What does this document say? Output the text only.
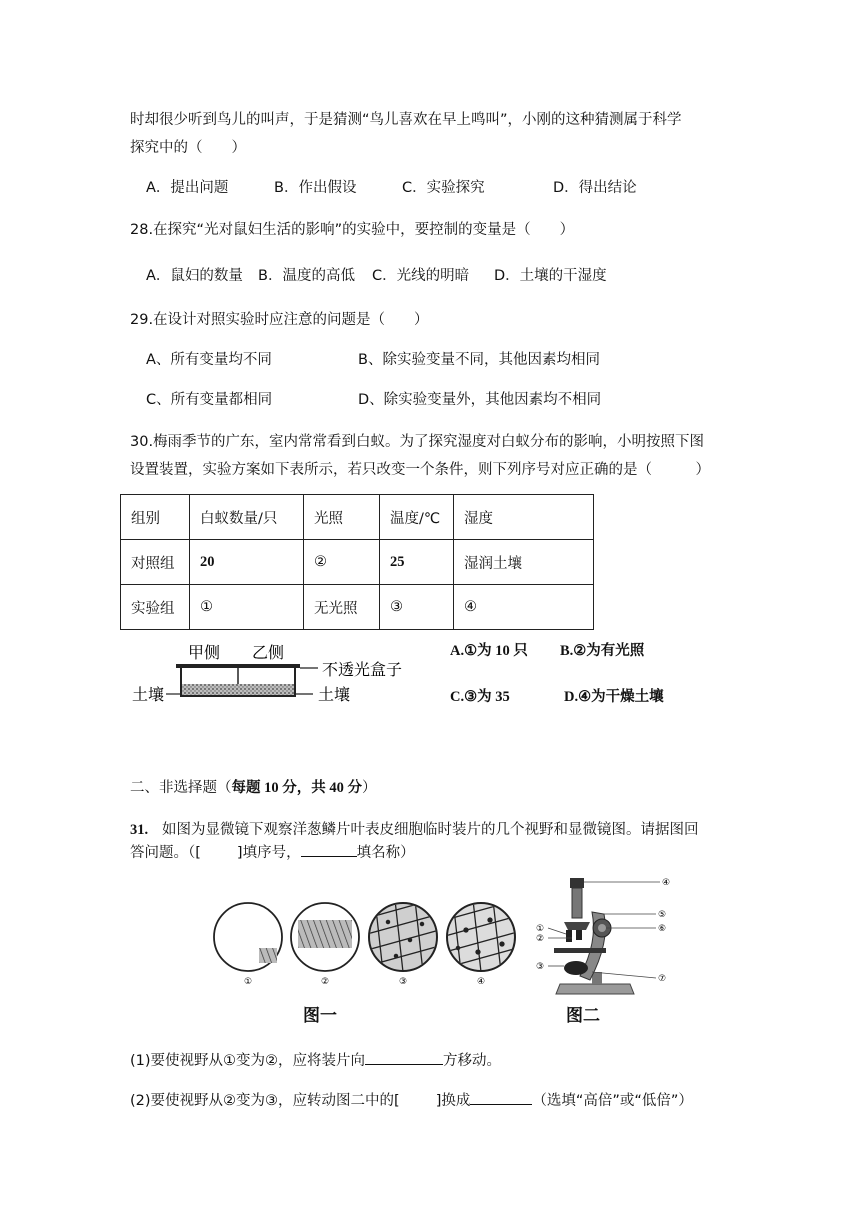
时却很少听到鸟儿的叫声，于是猜测“鸟儿喜欢在早上鸣叫”，小刚的这种猜测属于科学
探究中的（　　）
A．提出问题	B．作出假设	C．实验探究	D．得出结论
28.在探究“光对鼠妇生活的影响”的实验中，要控制的变量是（　　）
A．鼠妇的数量 B．温度的高低 C．光线的明暗 D．土壤的干湿度
29.在设计对照实验时应注意的问题是（　　）
A、所有变量均不同	B、除实验变量不同，其他因素均相同
C、所有变量都相同	D、除实验变量外，其他因素均不相同
30.梅雨季节的广东，室内常常看到白蚁。为了探究湿度对白蚁分布的影响，小明按照下图
设置装置，实验方案如下表所示，若只改变一个条件，则下列序号对应正确的是（　　　）
组别	白蚁数量/只	光照	温度/℃	湿度
对照组	20	②	25	湿润土壤
实验组	①	无光照	③	④
甲侧 乙侧
不透光盒子
土壤	土壤
A.①为 10 只 B.②为有光照
C.③为 35	D.④为干燥土壤
二、非选择题（每题 10 分，共 40 分）
31. 如图为显微镜下观察洋葱鳞片叶表皮细胞临时装片的几个视野和显微镜图。请据图回
答问题。（[ ]填序号，	填名称）
①	②	③	④
图一
①
②
③
④
⑤
⑥
⑦
图二
(1)要使视野从①变为②，应将装片向	方移动。
(2)要使视野从②变为③，应转动图二中的[ ]换成	（选填“高倍”或“低倍”）
